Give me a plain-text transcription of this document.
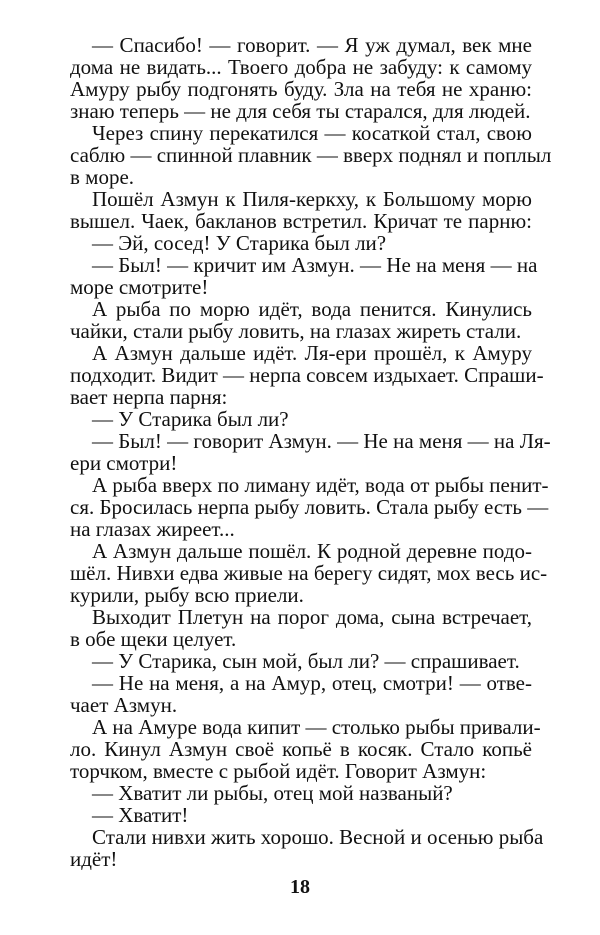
— Спасибо! — говорит. — Я уж думал, век мне
дома не видать... Твоего добра не забуду: к самому
Амуру рыбу подгонять буду. Зла на тебя не храню:
знаю теперь — не для себя ты старался, для людей.
Через спину перекатился — косаткой стал, свою
саблю — спинной плавник — вверх поднял и поплыл
в море.
Пошёл Азмун к Пиля-керкху, к Большому морю
вышел. Чаек, бакланов встретил. Кричат те парню:
— Эй, сосед! У Старика был ли?
— Был! — кричит им Азмун. — Не на меня — на
море смотрите!
А рыба по морю идёт, вода пенится. Кинулись
чайки, стали рыбу ловить, на глазах жиреть стали.
А Азмун дальше идёт. Ля-ери прошёл, к Амуру
подходит. Видит — нерпа совсем издыхает. Спраши-
вает нерпа парня:
— У Старика был ли?
— Был! — говорит Азмун. — Не на меня — на Ля-
ери смотри!
А рыба вверх по лиману идёт, вода от рыбы пенит-
ся. Бросилась нерпа рыбу ловить. Стала рыбу есть —
на глазах жиреет...
А Азмун дальше пошёл. К родной деревне подо-
шёл. Нивхи едва живые на берегу сидят, мох весь ис-
курили, рыбу всю приели.
Выходит Плетун на порог дома, сына встречает,
в обе щеки целует.
— У Старика, сын мой, был ли? — спрашивает.
— Не на меня, а на Амур, отец, смотри! — отве-
чает Азмун.
А на Амуре вода кипит — столько рыбы привали-
ло. Кинул Азмун своё копьё в косяк. Стало копьё
торчком, вместе с рыбой идёт. Говорит Азмун:
— Хватит ли рыбы, отец мой названый?
— Хватит!
Стали нивхи жить хорошо. Весной и осенью рыба
идёт!
18
